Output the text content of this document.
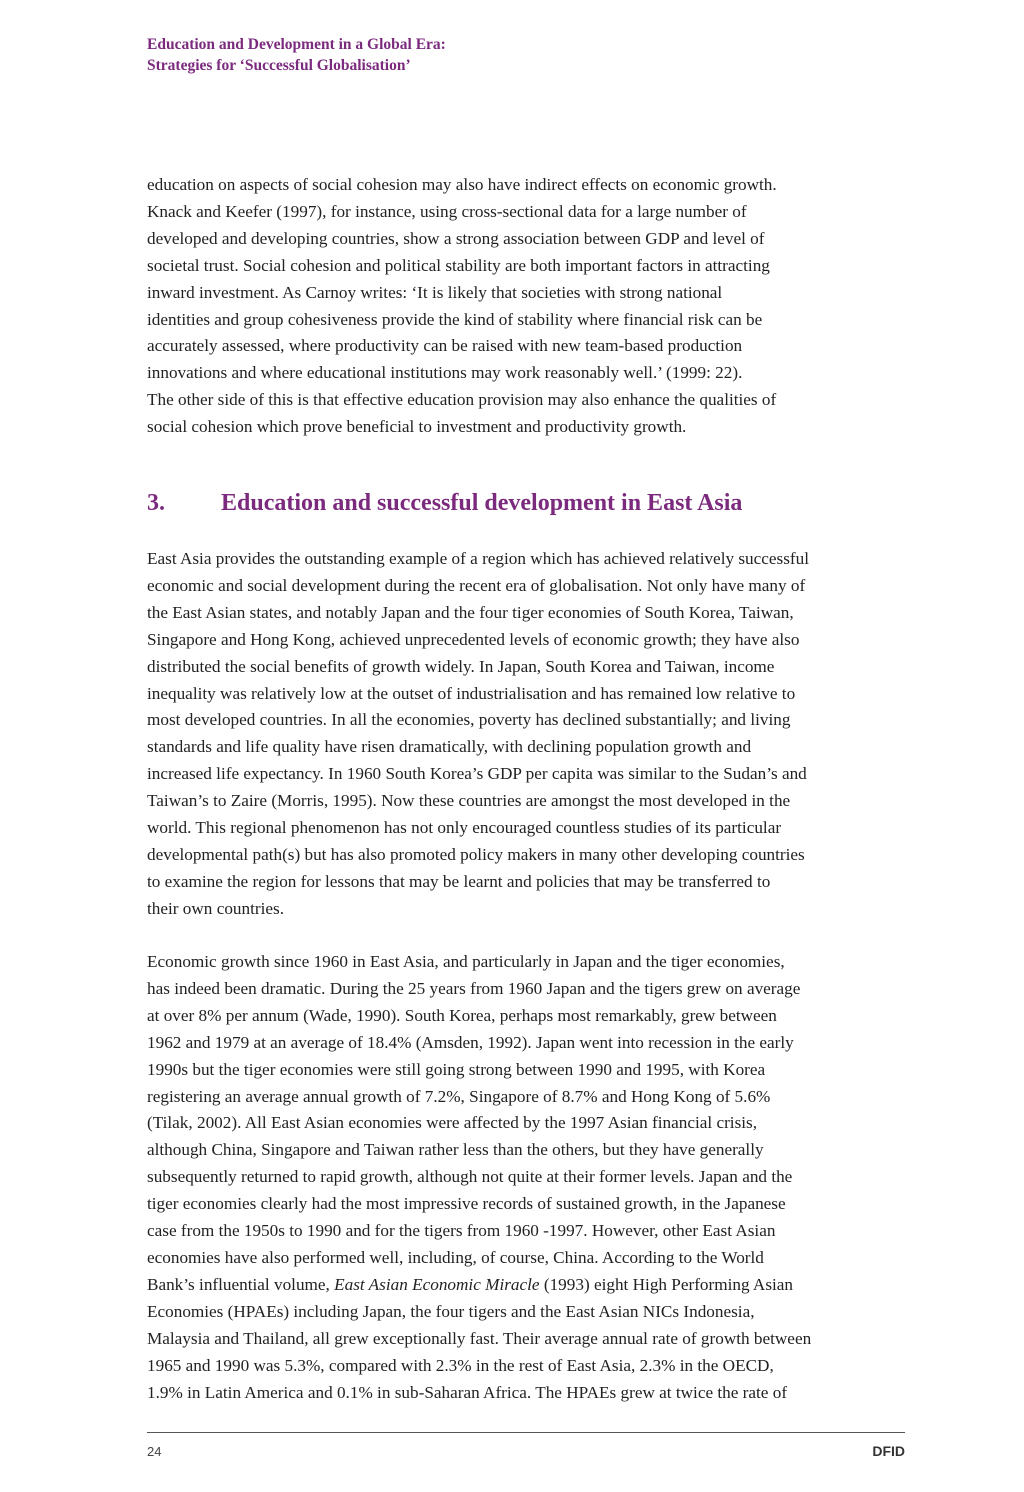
Education and Development in a Global Era:
Strategies for ‘Successful Globalisation’
education on aspects of social cohesion may also have indirect effects on economic growth.
Knack and Keefer (1997), for instance, using cross-sectional data for a large number of
developed and developing countries, show a strong association between GDP and level of
societal trust. Social cohesion and political stability are both important factors in attracting
inward investment. As Carnoy writes: ‘It is likely that societies with strong national
identities and group cohesiveness provide the kind of stability where financial risk can be
accurately assessed, where productivity can be raised with new team-based production
innovations and where educational institutions may work reasonably well.’ (1999: 22).
The other side of this is that effective education provision may also enhance the qualities of
social cohesion which prove beneficial to investment and productivity growth.
3. Education and successful development in East Asia
East Asia provides the outstanding example of a region which has achieved relatively successful
economic and social development during the recent era of globalisation. Not only have many of
the East Asian states, and notably Japan and the four tiger economies of South Korea, Taiwan,
Singapore and Hong Kong, achieved unprecedented levels of economic growth; they have also
distributed the social benefits of growth widely. In Japan, South Korea and Taiwan, income
inequality was relatively low at the outset of industrialisation and has remained low relative to
most developed countries. In all the economies, poverty has declined substantially; and living
standards and life quality have risen dramatically, with declining population growth and
increased life expectancy. In 1960 South Korea’s GDP per capita was similar to the Sudan’s and
Taiwan’s to Zaire (Morris, 1995). Now these countries are amongst the most developed in the
world. This regional phenomenon has not only encouraged countless studies of its particular
developmental path(s) but has also promoted policy makers in many other developing countries
to examine the region for lessons that may be learnt and policies that may be transferred to
their own countries.
Economic growth since 1960 in East Asia, and particularly in Japan and the tiger economies,
has indeed been dramatic. During the 25 years from 1960 Japan and the tigers grew on average
at over 8% per annum (Wade, 1990). South Korea, perhaps most remarkably, grew between
1962 and 1979 at an average of 18.4% (Amsden, 1992). Japan went into recession in the early
1990s but the tiger economies were still going strong between 1990 and 1995, with Korea
registering an average annual growth of 7.2%, Singapore of 8.7% and Hong Kong of 5.6%
(Tilak, 2002). All East Asian economies were affected by the 1997 Asian financial crisis,
although China, Singapore and Taiwan rather less than the others, but they have generally
subsequently returned to rapid growth, although not quite at their former levels. Japan and the
tiger economies clearly had the most impressive records of sustained growth, in the Japanese
case from the 1950s to 1990 and for the tigers from 1960 -1997. However, other East Asian
economies have also performed well, including, of course, China. According to the World
Bank’s influential volume, East Asian Economic Miracle (1993) eight High Performing Asian
Economies (HPAEs) including Japan, the four tigers and the East Asian NICs Indonesia,
Malaysia and Thailand, all grew exceptionally fast. Their average annual rate of growth between
1965 and 1990 was 5.3%, compared with 2.3% in the rest of East Asia, 2.3% in the OECD,
1.9% in Latin America and 0.1% in sub-Saharan Africa. The HPAEs grew at twice the rate of
24	DFID
